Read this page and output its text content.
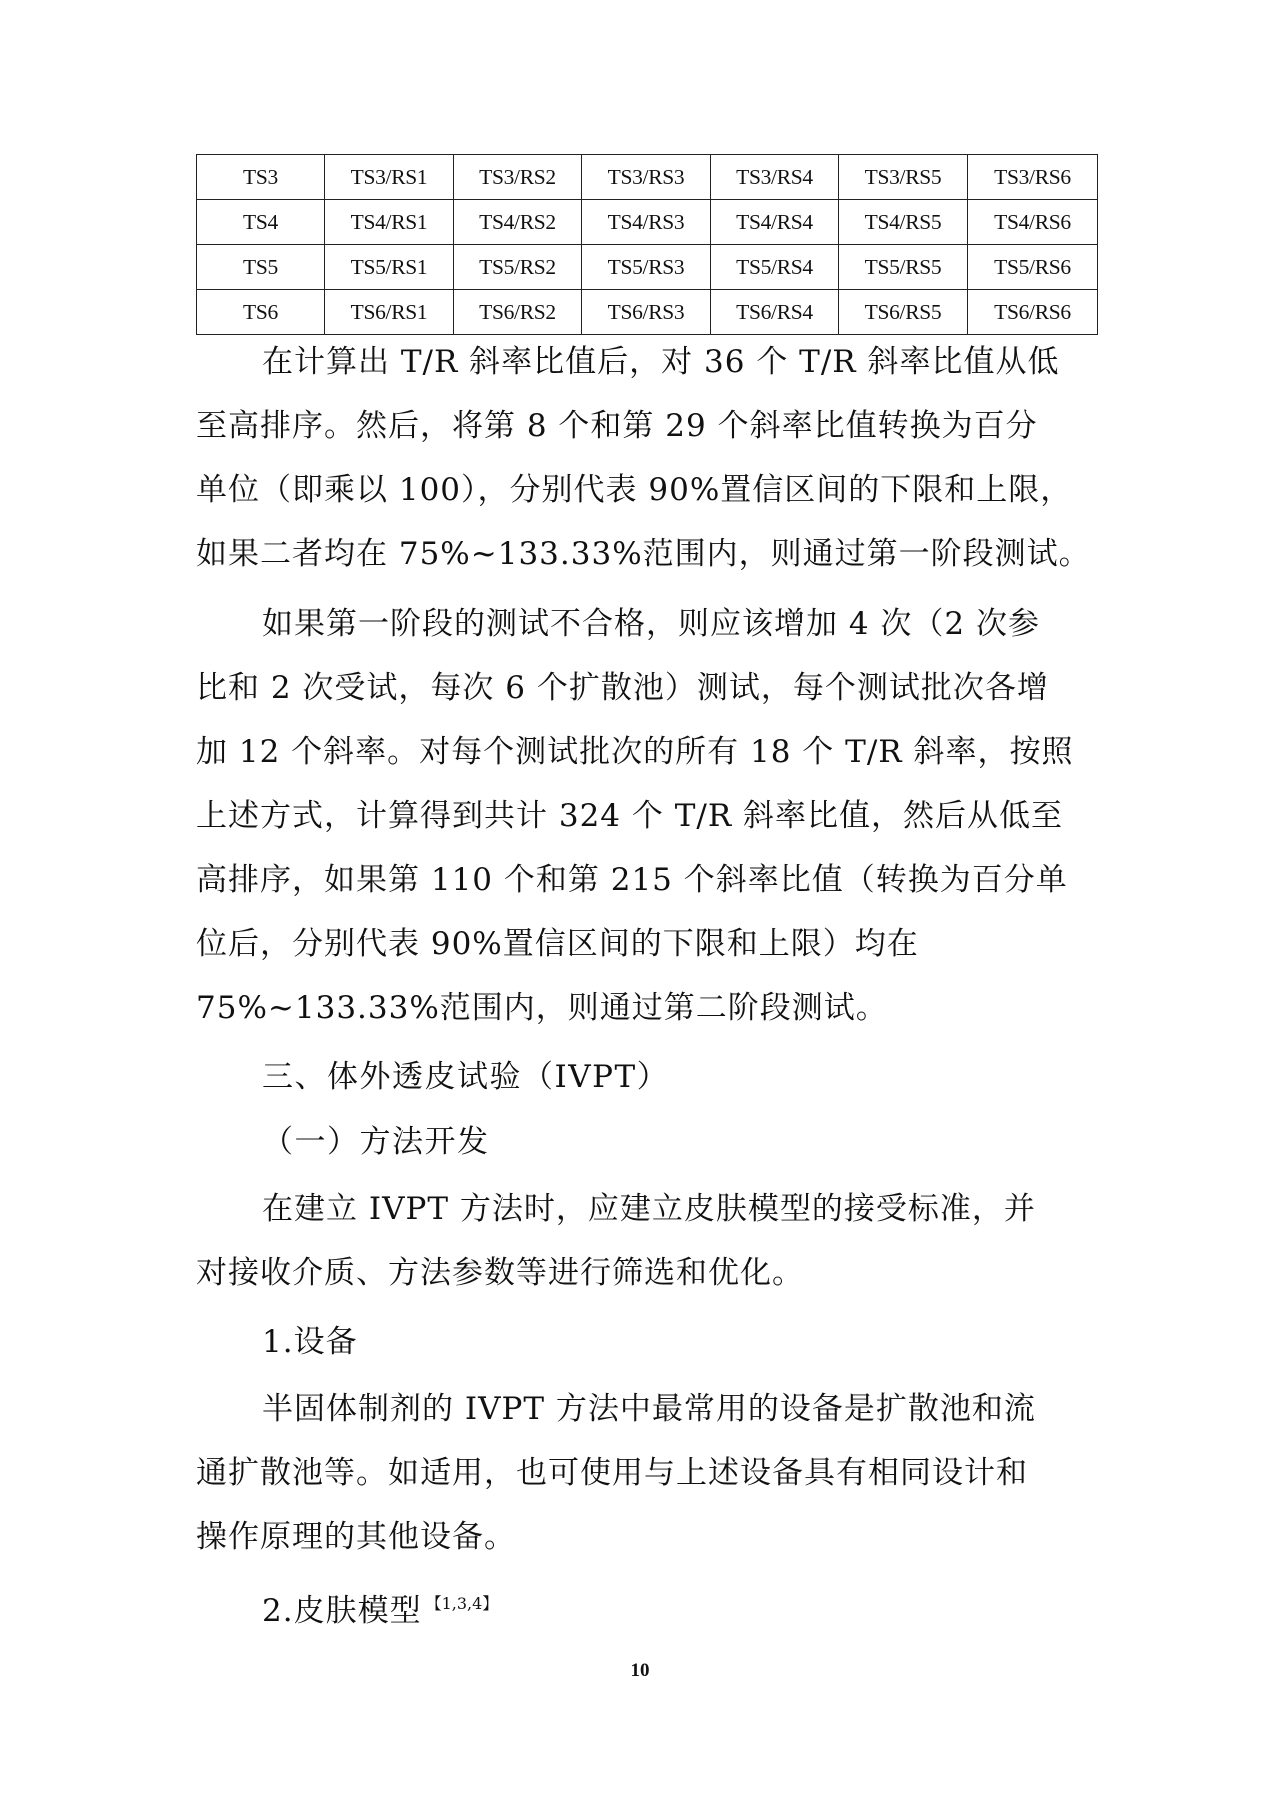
TS3	TS3/RS1	TS3/RS2	TS3/RS3	TS3/RS4	TS3/RS5	TS3/RS6
TS4	TS4/RS1	TS4/RS2	TS4/RS3	TS4/RS4	TS4/RS5	TS4/RS6
TS5	TS5/RS1	TS5/RS2	TS5/RS3	TS5/RS4	TS5/RS5	TS5/RS6
TS6	TS6/RS1	TS6/RS2	TS6/RS3	TS6/RS4	TS6/RS5	TS6/RS6
在计算出 T/R 斜率比值后，对 36 个 T/R 斜率比值从低
至高排序。然后，将第 8 个和第 29 个斜率比值转换为百分
单位（即乘以 100），分别代表 90%置信区间的下限和上限，
如果二者均在 75%~133.33%范围内，则通过第一阶段测试。
如果第一阶段的测试不合格，则应该增加 4 次（2 次参
比和 2 次受试，每次 6 个扩散池）测试，每个测试批次各增
加 12 个斜率。对每个测试批次的所有 18 个 T/R 斜率，按照
上述方式，计算得到共计 324 个 T/R 斜率比值，然后从低至
高排序，如果第 110 个和第 215 个斜率比值（转换为百分单
位后，分别代表 90%置信区间的下限和上限）均在
75%~133.33%范围内，则通过第二阶段测试。
三、体外透皮试验（IVPT）
（一）方法开发
在建立 IVPT 方法时，应建立皮肤模型的接受标准，并
对接收介质、方法参数等进行筛选和优化。
1.设备
半固体制剂的 IVPT 方法中最常用的设备是扩散池和流
通扩散池等。如适用，也可使用与上述设备具有相同设计和
操作原理的其他设备。
2.皮肤模型 $^{【1,3,4】}$
10
